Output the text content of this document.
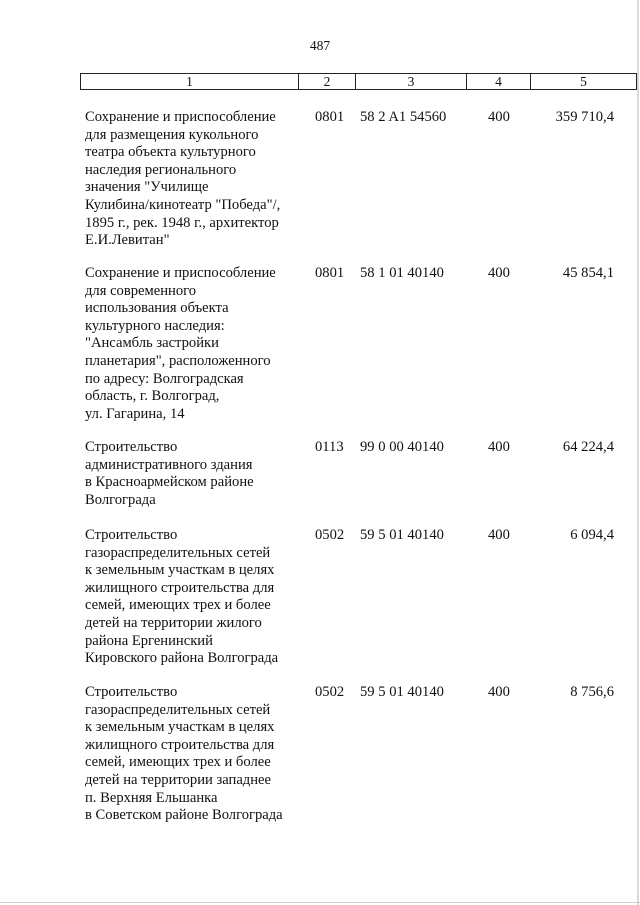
487
1	2	3	4	5
Сохранение и приспособление
для размещения кукольного
театра объекта культурного
наследия регионального
значения "Училище
Кулибина/кинотеатр "Победа"/,
1895 г., рек. 1948 г., архитектор
Е.И.Левитан"
0801	58 2 A1 54560	400	359 710,4
Сохранение и приспособление
для современного
использования объекта
культурного наследия:
"Ансамбль застройки
планетария", расположенного
по адресу: Волгоградская
область, г. Волгоград,
ул. Гагарина, 14
0801	58 1 01 40140	400	45 854,1
Строительство
административного здания
в Красноармейском районе
Волгограда
0113	99 0 00 40140	400	64 224,4
Строительство
газораспределительных сетей
к земельным участкам в целях
жилищного строительства для
семей, имеющих трех и более
детей на территории жилого
района Ергенинский
Кировского района Волгограда
0502	59 5 01 40140	400	6 094,4
Строительство
газораспределительных сетей
к земельным участкам в целях
жилищного строительства для
семей, имеющих трех и более
детей на территории западнее
п. Верхняя Ельшанка
в Советском районе Волгограда
0502	59 5 01 40140	400	8 756,6
